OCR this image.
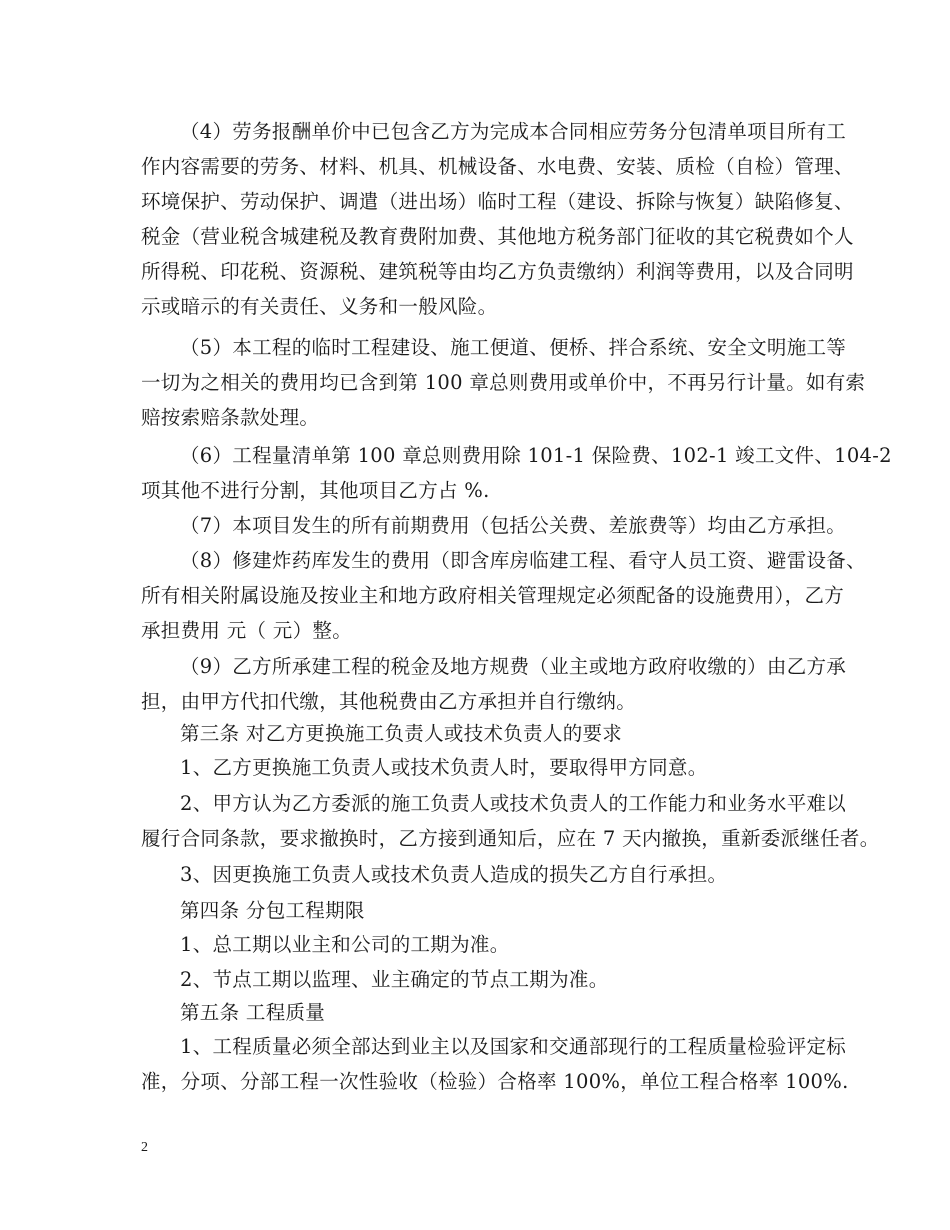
（4）劳务报酬单价中已包含乙方为完成本合同相应劳务分包清单项目所有工
作内容需要的劳务、材料、机具、机械设备、水电费、安装、质检（自检）管理、
环境保护、劳动保护、调遣（进出场）临时工程（建设、拆除与恢复）缺陷修复、
税金（营业税含城建税及教育费附加费、其他地方税务部门征收的其它税费如个人
所得税、印花税、资源税、建筑税等由均乙方负责缴纳）利润等费用，以及合同明
示或暗示的有关责任、义务和一般风险。
（5）本工程的临时工程建设、施工便道、便桥、拌合系统、安全文明施工等
一切为之相关的费用均已含到第 100 章总则费用或单价中，不再另行计量。如有索
赔按索赔条款处理。
（6）工程量清单第 100 章总则费用除 101-1 保险费、102-1 竣工文件、104-2
项其他不进行分割，其他项目乙方占 %.
（7）本项目发生的所有前期费用（包括公关费、差旅费等）均由乙方承担。
（8）修建炸药库发生的费用（即含库房临建工程、看守人员工资、避雷设备、
所有相关附属设施及按业主和地方政府相关管理规定必须配备的设施费用），乙方
承担费用 元（ 元）整。
（9）乙方所承建工程的税金及地方规费（业主或地方政府收缴的）由乙方承
担，由甲方代扣代缴，其他税费由乙方承担并自行缴纳。
第三条 对乙方更换施工负责人或技术负责人的要求
1、乙方更换施工负责人或技术负责人时，要取得甲方同意。
2、甲方认为乙方委派的施工负责人或技术负责人的工作能力和业务水平难以
履行合同条款，要求撤换时，乙方接到通知后，应在 7 天内撤换，重新委派继任者。
3、因更换施工负责人或技术负责人造成的损失乙方自行承担。
第四条 分包工程期限
1、总工期以业主和公司的工期为准。
2、节点工期以监理、业主确定的节点工期为准。
第五条 工程质量
1、工程质量必须全部达到业主以及国家和交通部现行的工程质量检验评定标
准，分项、分部工程一次性验收（检验）合格率 100%，单位工程合格率 100%.
2
